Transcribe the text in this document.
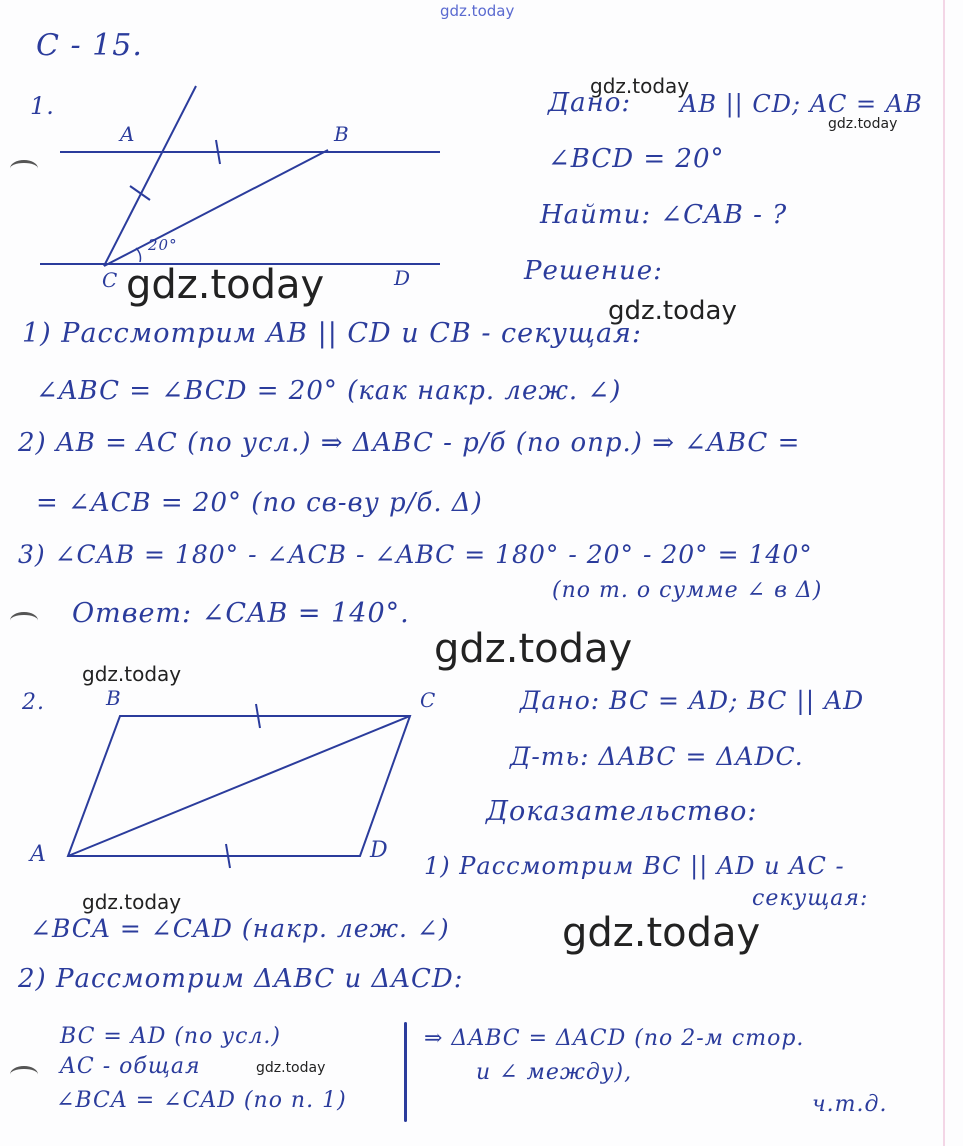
gdz.today
gdz.today
gdz.today
gdz.today
gdz.today
gdz.today
gdz.today
gdz.today
gdz.today
gdz.today
С - 15.
1.
A	B
C	D
20°
Дано: AB || CD; AC = AB
∠BCD = 20°
Найти: ∠CAB - ?
Решение:
1) Рассмотрим AB || CD и CB - секущая:
∠ABC = ∠BCD = 20° (как накр. леж. ∠)
2) AB = AC (по усл.) ⇒ ΔABC - р/б (по опр.) ⇒ ∠ABC =
= ∠ACB = 20° (по св-ву р/б. Δ)
3) ∠CAB = 180° - ∠ACB - ∠ABC = 180° - 20° - 20° = 140°
(по т. о сумме ∠ в Δ)
Ответ: ∠CAB = 140°.
2.	B	C
A	D
Дано: BC = AD; BC || AD
Д-ть: ΔABC = ΔADC.
Доказательство:
1) Рассмотрим BC || AD и AC -
секущая:
∠BCA = ∠CAD (накр. леж. ∠)
2) Рассмотрим ΔABC и ΔACD:
BC = AD (по усл.)
AC - общая
∠BCA = ∠CAD (по п. 1)
⇒ ΔABC = ΔACD (по 2-м стор.
и ∠ между),
ч.т.д.
